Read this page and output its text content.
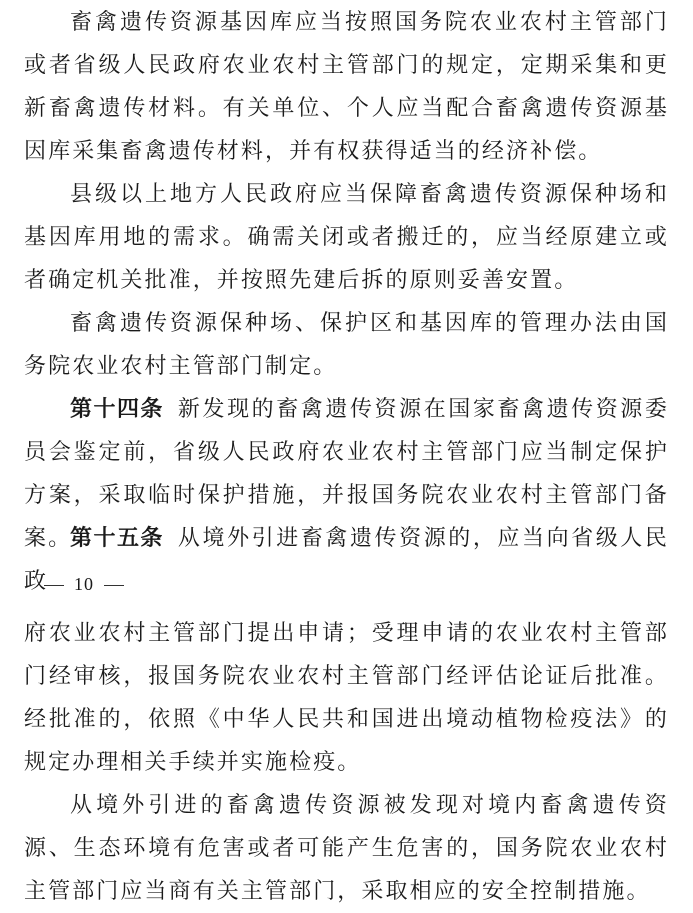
畜禽遗传资源基因库应当按照国务院农业农村主管部门或者省级人民政府农业农村主管部门的规定，定期采集和更新畜禽遗传材料。有关单位、个人应当配合畜禽遗传资源基因库采集畜禽遗传材料，并有权获得适当的经济补偿。

县级以上地方人民政府应当保障畜禽遗传资源保种场和基因库用地的需求。确需关闭或者搬迁的，应当经原建立或者确定机关批准，并按照先建后拆的原则妥善安置。

畜禽遗传资源保种场、保护区和基因库的管理办法由国务院农业农村主管部门制定。

第十四条 新发现的畜禽遗传资源在国家畜禽遗传资源委员会鉴定前，省级人民政府农业农村主管部门应当制定保护方案，采取临时保护措施，并报国务院农业农村主管部门备案。

第十五条 从境外引进畜禽遗传资源的，应当向省级人民政	10

府农业农村主管部门提出申请；受理申请的农业农村主管部门经审核，报国务院农业农村主管部门经评估论证后批准。经批准的，依照《中华人民共和国进出境动植物检疫法》的规定办理相关手续并实施检疫。

从境外引进的畜禽遗传资源被发现对境内畜禽遗传资源、生态环境有危害或者可能产生危害的，国务院农业农村主管部门应当商有关主管部门，采取相应的安全控制措施。
